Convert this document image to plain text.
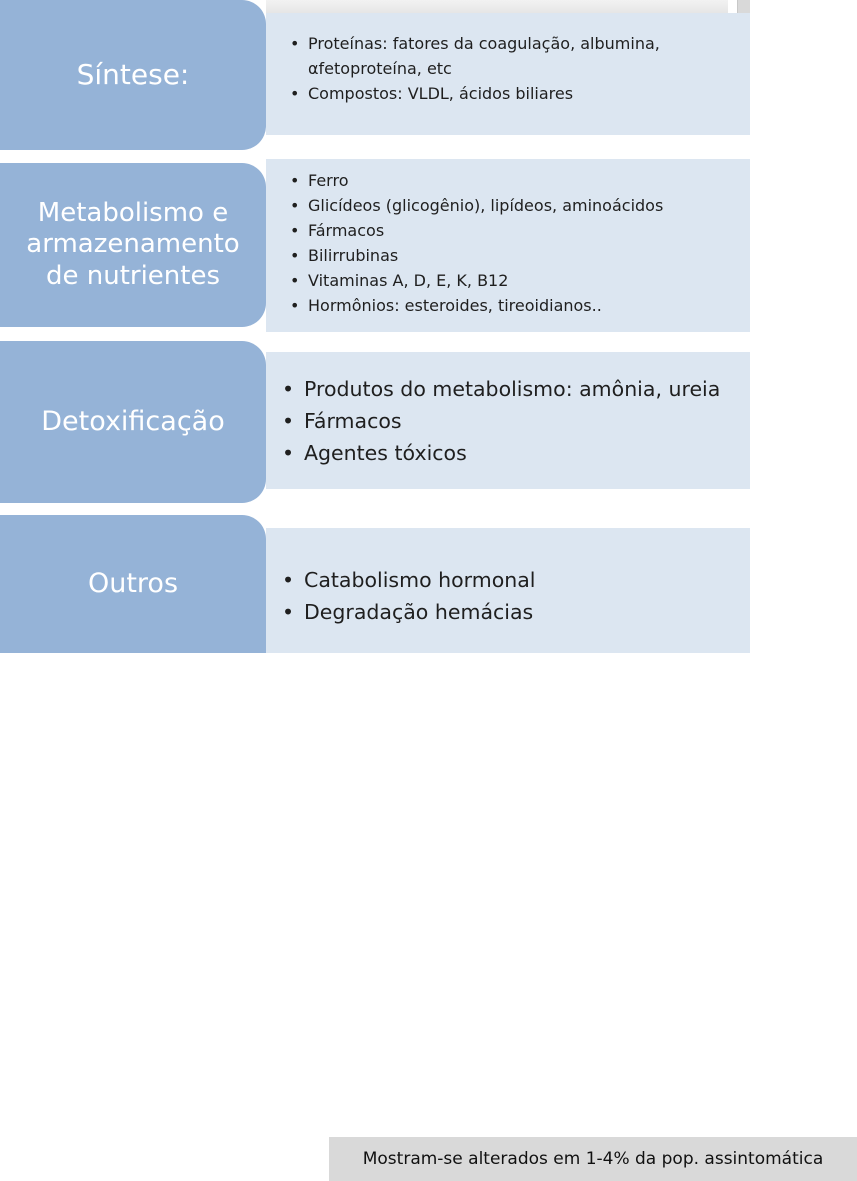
Síntese:
• Proteínas: fatores da coagulação, albumina, αfetoproteína, etc
• Compostos: VLDL, ácidos biliares
Metabolismo e armazenamento de nutrientes
• Ferro
• Glicídeos (glicogênio), lipídeos, aminoácidos
• Fármacos
• Bilirrubinas
• Vitaminas A, D, E, K, B12
• Hormônios: esteroides, tireoidianos..
Detoxificação
• Produtos do metabolismo: amônia, ureia
• Fármacos
• Agentes tóxicos
Outros
•	Catabolismo hormonal
• Degradação hemácias
Mostram-se alterados em 1-4% da pop. assintomática
